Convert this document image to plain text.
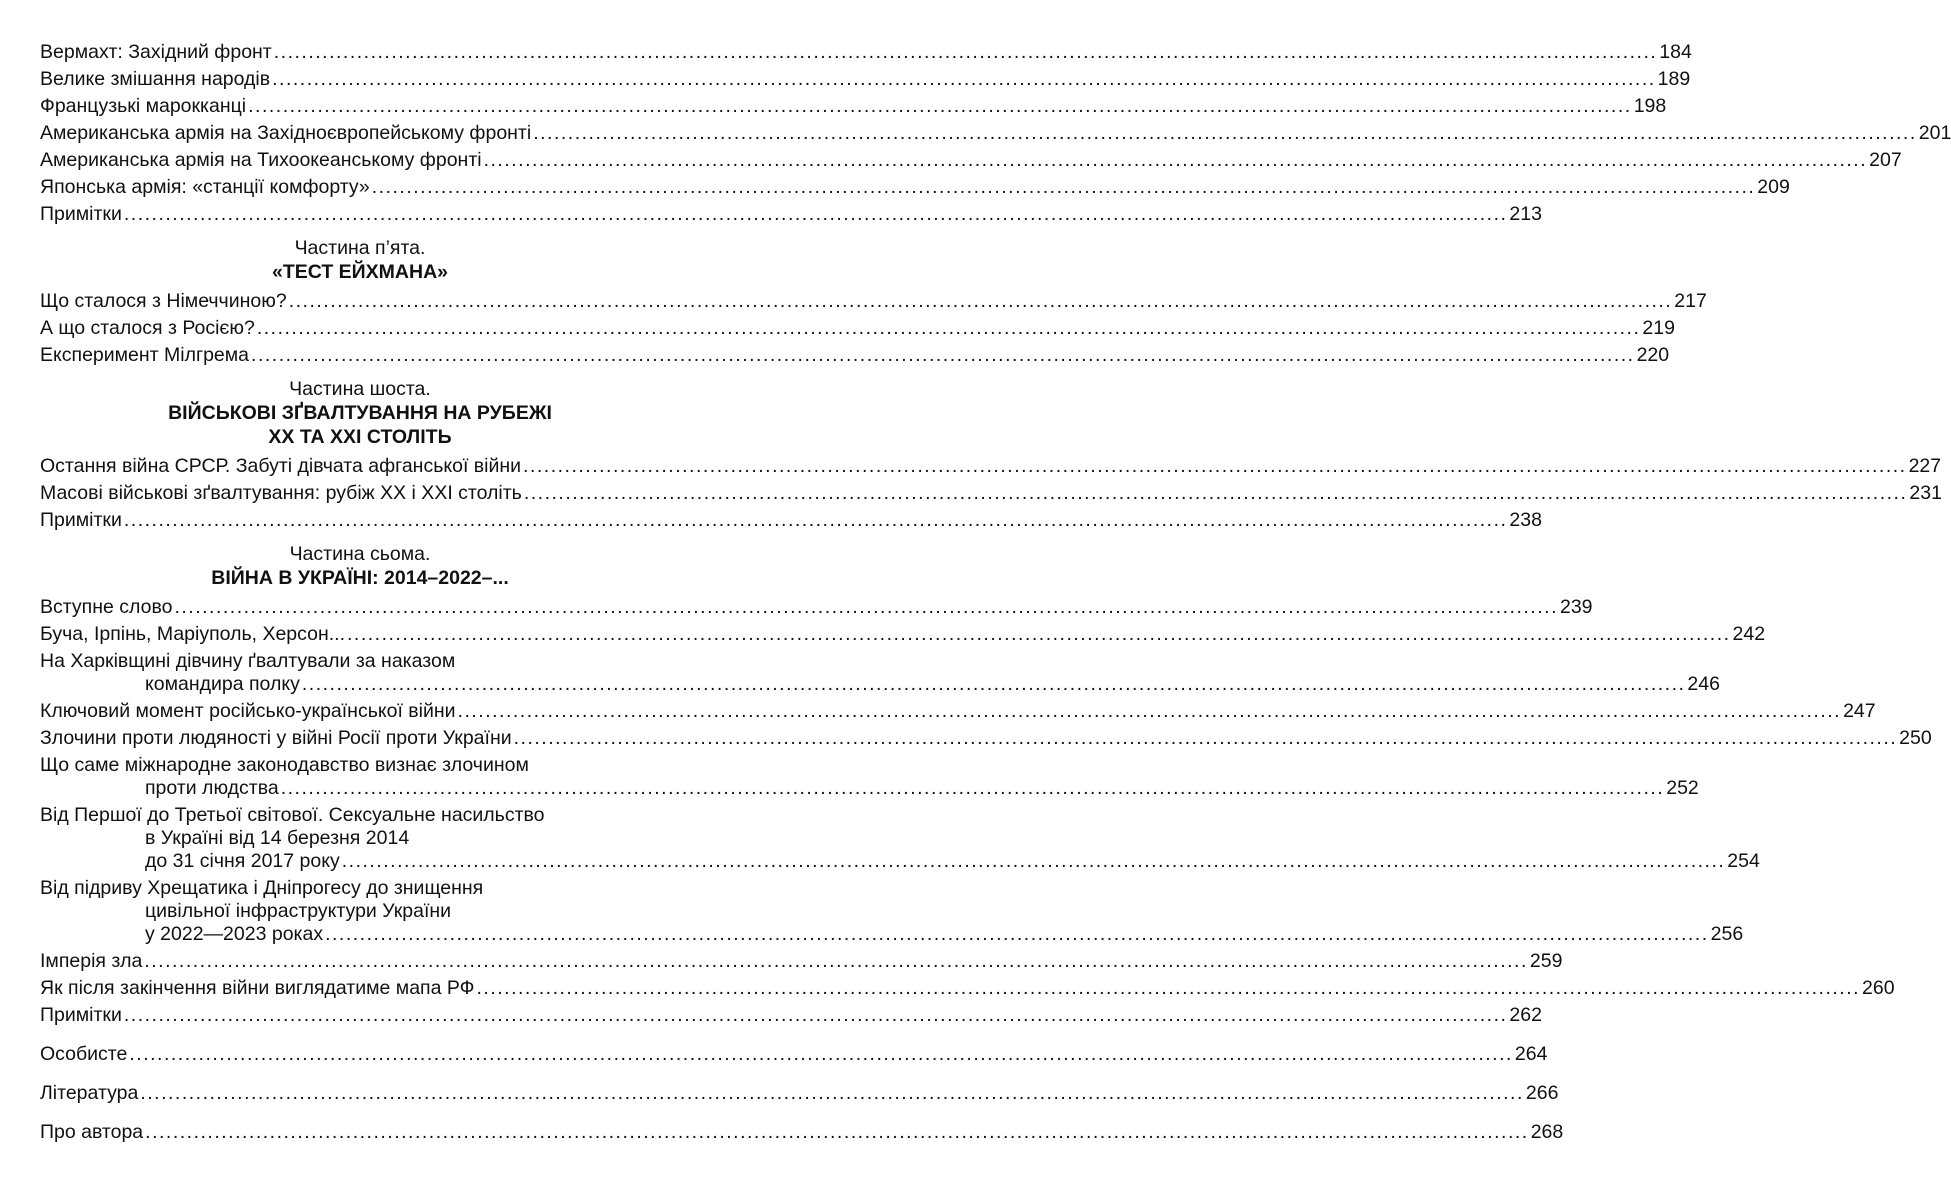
Вермахт: Західний фронт .....	184
Велике змішання народів .....	189
Французькі марокканці .....	198
Американська армія на Західноєвропейському фронті .....	201
Американська армія на Тихоокеанському фронті .....	207
Японська армія: «станції комфорту» .....	209
Примітки .....	213
Частина п’ята.
«ТЕСТ ЕЙХМАНА»
Що сталося з Німеччиною? .....	217
А що сталося з Росією? .....	219
Експеримент Мілгрема .....	220
Частина шоста.
ВІЙСЬКОВІ ЗҐВАЛТУВАННЯ НА РУБЕЖІ
ХХ ТА ХХІ СТОЛІТЬ
Остання війна СРСР. Забуті дівчата афганської війни .....	227
Масові військові зґвалтування: рубіж ХХ і ХХІ століть .....	231
Примітки .....	238
Частина сьома.
ВІЙНА В УКРАЇНІ: 2014–2022–...
Вступне слово .....	239
Буча, Ірпінь, Маріуполь, Херсон... .....	242
На Харківщині дівчину ґвалтували за наказом
командира полку .....	246
Ключовий момент російсько-української війни .....	247
Злочини проти людяності у війні Росії проти України .....	250
Що саме міжнародне законодавство визнає злочином
проти людства .....	252
Від Першої до Третьої світової. Сексуальне насильство
в Україні від 14 березня 2014
до 31 січня 2017 року .....	254
Від підриву Хрещатика і Дніпрогесу до знищення
цивільної інфраструктури України
у 2022—2023 роках .....	256
Імперія зла .....	259
Як після закінчення війни виглядатиме мапа РФ .....	260
Примітки .....	262
Особисте .....	264
Література .....	266
Про автора .....	268
